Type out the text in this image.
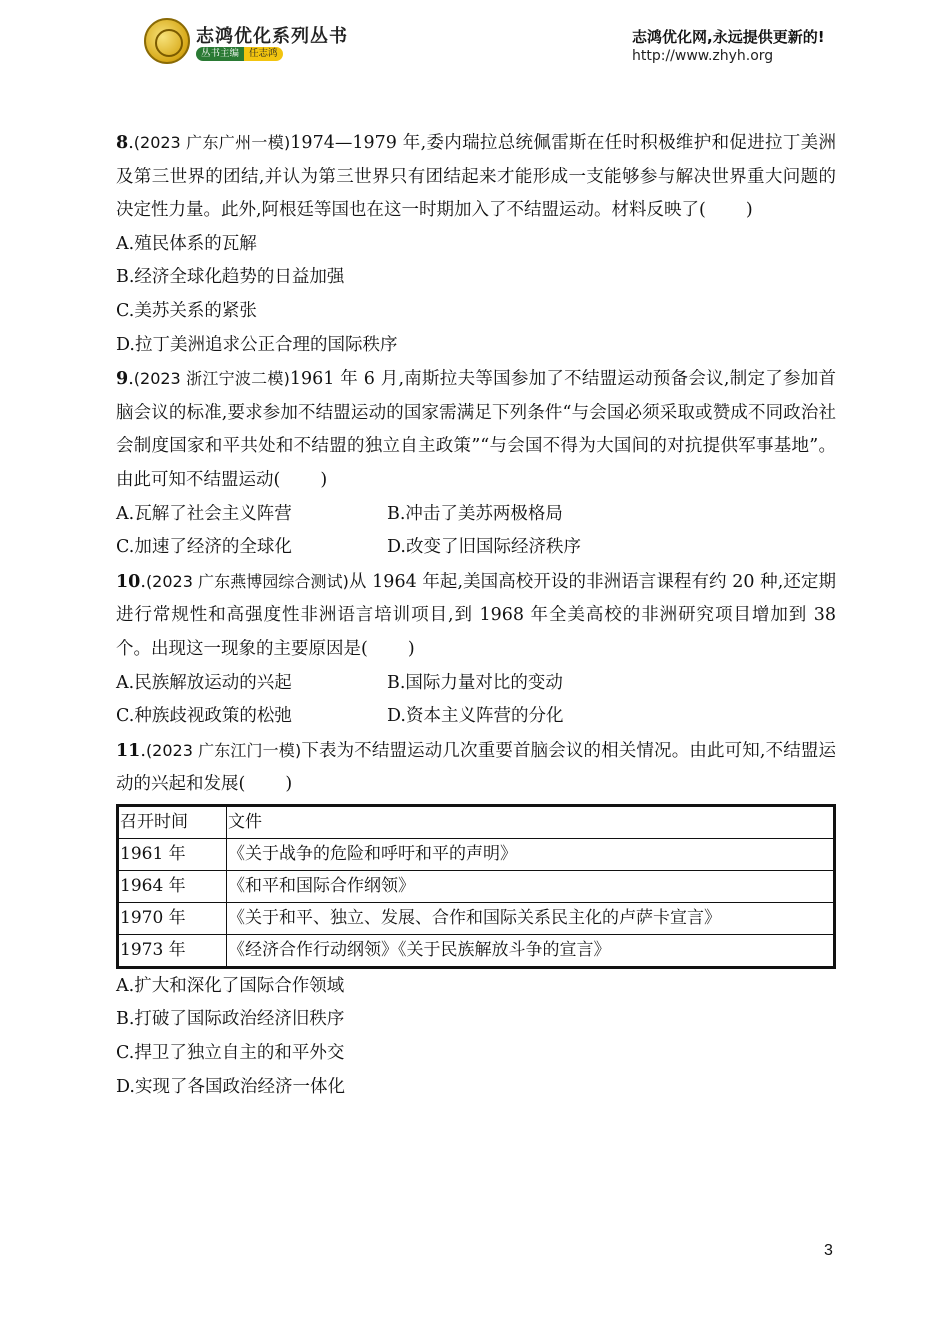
志鸿优化系列丛书
丛书主编 任志鸿
志鸿优化网,永远提供更新的!
http://www.zhyh.org

8.(2023 广东广州一模)1974—1979 年,委内瑞拉总统佩雷斯在任时积极维护和促进拉丁美洲及第三世界的团结,并认为第三世界只有团结起来才能形成一支能够参与解决世界重大问题的决定性力量。此外,阿根廷等国也在这一时期加入了不结盟运动。材料反映了( )

A.殖民体系的瓦解

B.经济全球化趋势的日益加强

C.美苏关系的紧张

D.拉丁美洲追求公正合理的国际秩序

9.(2023 浙江宁波二模)1961 年 6 月,南斯拉夫等国参加了不结盟运动预备会议,制定了参加首脑会议的标准,要求参加不结盟运动的国家需满足下列条件“与会国必须采取或赞成不同政治社会制度国家和平共处和不结盟的独立自主政策”“与会国不得为大国间的对抗提供军事基地”。由此可知不结盟运动( )

A.瓦解了社会主义阵营	B.冲击了美苏两极格局
C.加速了经济的全球化	D.改变了旧国际经济秩序

10.(2023 广东燕博园综合测试)从 1964 年起,美国高校开设的非洲语言课程有约 20 种,还定期进行常规性和高强度性非洲语言培训项目,到 1968 年全美高校的非洲研究项目增加到 38 个。出现这一现象的主要原因是( )

A.民族解放运动的兴起	B.国际力量对比的变动
C.种族歧视政策的松弛	D.资本主义阵营的分化

11.(2023 广东江门一模)下表为不结盟运动几次重要首脑会议的相关情况。由此可知,不结盟运动的兴起和发展( )

召开时间	文件
1961 年	《关于战争的危险和呼吁和平的声明》
1964 年	《和平和国际合作纲领》
1970 年	《关于和平、独立、发展、合作和国际关系民主化的卢萨卡宣言》
1973 年	《经济合作行动纲领》《关于民族解放斗争的宣言》

A.扩大和深化了国际合作领域

B.打破了国际政治经济旧秩序

C.捍卫了独立自主的和平外交

D.实现了各国政治经济一体化

3
